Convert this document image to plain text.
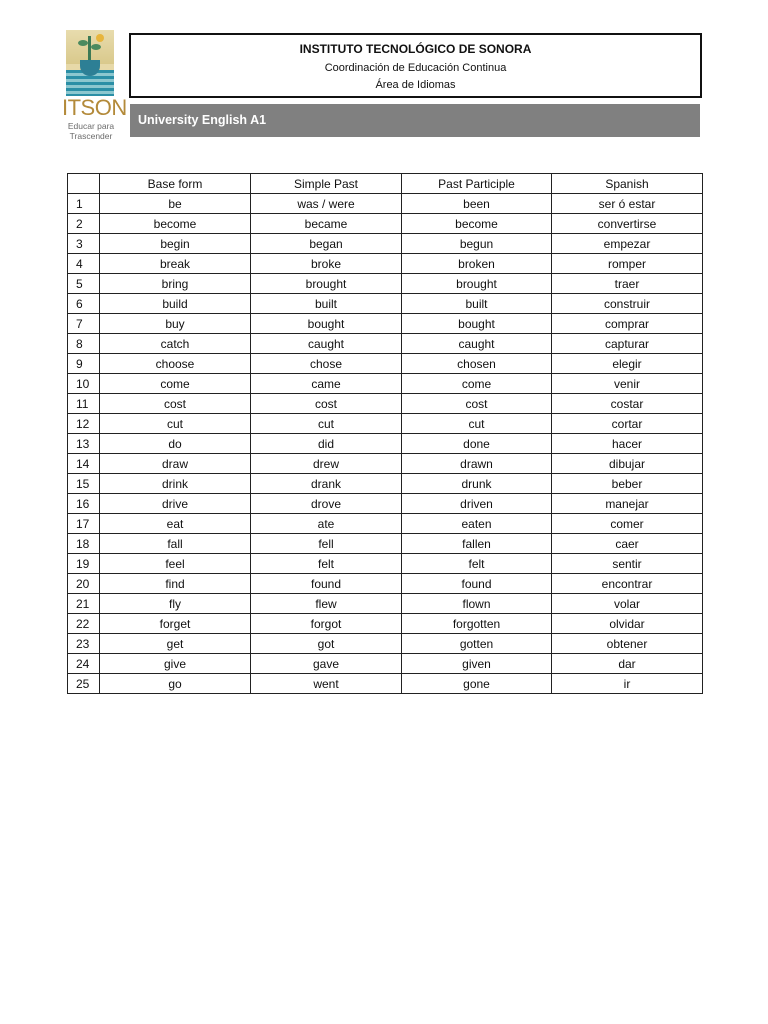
ITSON
Educar para
Trascender
INSTITUTO TECNOLÓGICO DE SONORA
Coordinación de Educación Continua
Área de Idiomas
University English A1
	Base form	Simple Past	Past Participle	Spanish
1	be	was / were	been	ser ó estar
2	become	became	become	convertirse
3	begin	began	begun	empezar
4	break	broke	broken	romper
5	bring	brought	brought	traer
6	build	built	built	construir
7	buy	bought	bought	comprar
8	catch	caught	caught	capturar
9	choose	chose	chosen	elegir
10	come	came	come	venir
11	cost	cost	cost	costar
12	cut	cut	cut	cortar
13	do	did	done	hacer
14	draw	drew	drawn	dibujar
15	drink	drank	drunk	beber
16	drive	drove	driven	manejar
17	eat	ate	eaten	comer
18	fall	fell	fallen	caer
19	feel	felt	felt	sentir
20	find	found	found	encontrar
21	fly	flew	flown	volar
22	forget	forgot	forgotten	olvidar
23	get	got	gotten	obtener
24	give	gave	given	dar
25	go	went	gone	ir
